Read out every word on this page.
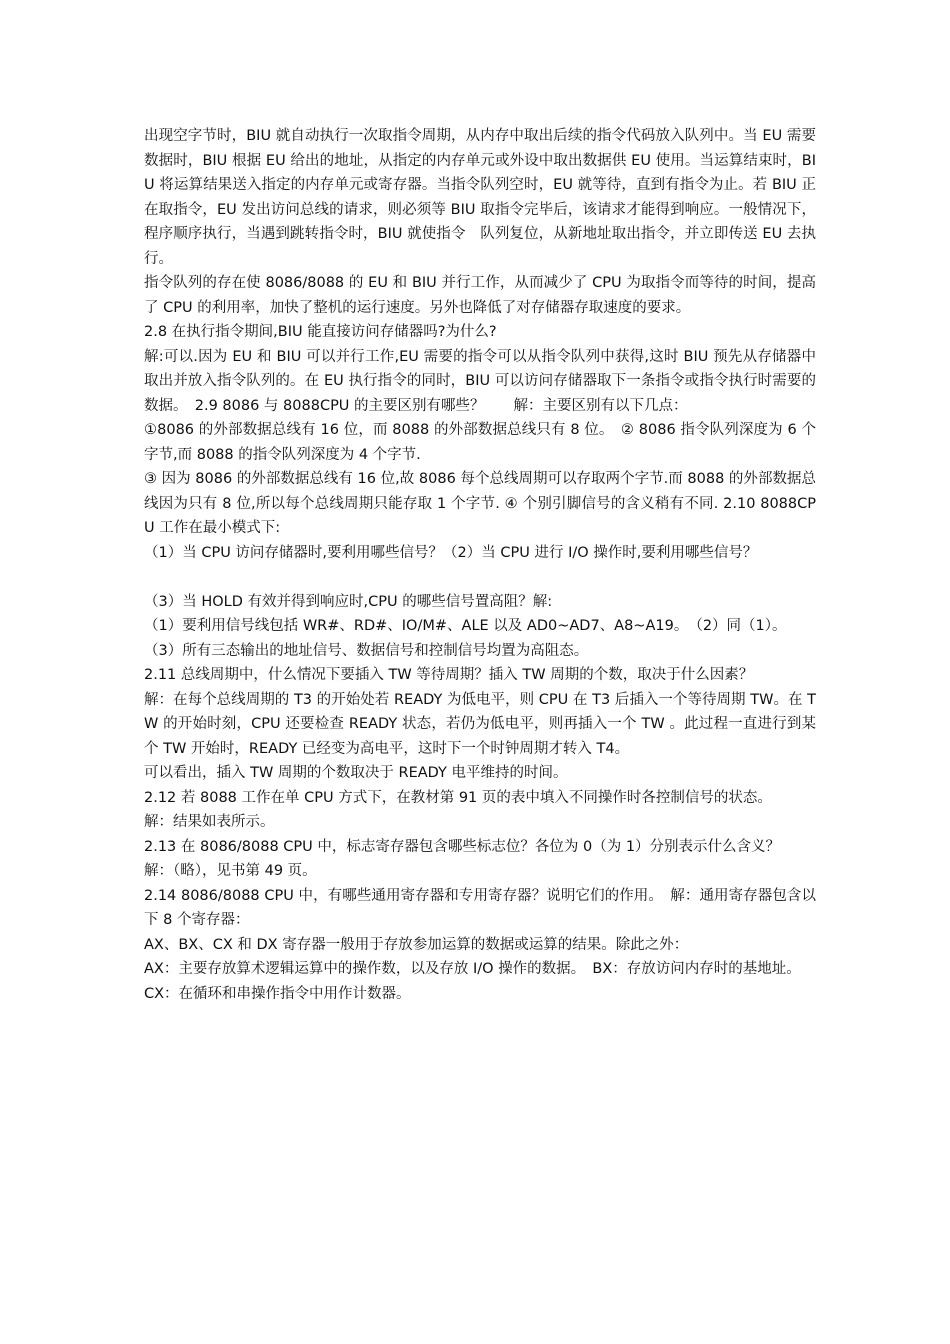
出现空字节时，BIU 就自动执行一次取指令周期，从内存中取出后续的指令代码放入队列中。当 EU 需要数据时，BIU 根据 EU 给出的地址，从指定的内存单元或外设中取出数据供 EU 使用。当运算结束时，BIU 将运算结果送入指定的内存单元或寄存器。当指令队列空时，EU 就等待，直到有指令为止。若 BIU 正在取指令，EU 发出访问总线的请求，则必须等 BIU 取指令完毕后，该请求才能得到响应。一般情况下，程序顺序执行，当遇到跳转指令时，BIU 就使指令　队列复位，从新地址取出指令，并立即传送 EU 去执行。

指令队列的存在使 8086/8088 的 EU 和 BIU 并行工作，从而减少了 CPU 为取指令而等待的时间，提高了 CPU 的利用率，加快了整机的运行速度。另外也降低了对存储器存取速度的要求。

2.8 在执行指令期间,BIU 能直接访问存储器吗?为什么?

解:可以.因为 EU 和 BIU 可以并行工作,EU 需要的指令可以从指令队列中获得,这时 BIU 预先从存储器中取出并放入指令队列的。在 EU 执行指令的同时，BIU 可以访问存储器取下一条指令或指令执行时需要的数据。　2.9 8086 与 8088CPU 的主要区别有哪些？　　解：主要区别有以下几点：

①8086 的外部数据总线有 16 位，而 8088 的外部数据总线只有 8 位。　② 8086 指令队列深度为 6 个字节,而 8088 的指令队列深度为 4 个字节.

③ 因为 8086 的外部数据总线有 16 位,故 8086 每个总线周期可以存取两个字节.而 8088 的外部数据总线因为只有 8 位,所以每个总线周期只能存取 1 个字节. ④ 个别引脚信号的含义稍有不同. 2.10 8088CPU 工作在最小模式下:

（1）当 CPU 访问存储器时,要利用哪些信号？（2）当 CPU 进行 I/O 操作时,要利用哪些信号？

（3）当 HOLD 有效并得到响应时,CPU 的哪些信号置高阻？解:

（1）要利用信号线包括 WR#、RD#、IO/M#、ALE 以及 AD0~AD7、A8~A19。　（2）同（1）。

（3）所有三态输出的地址信号、数据信号和控制信号均置为高阻态。

2.11 总线周期中，什么情况下要插入 TW 等待周期？插入 TW 周期的个数，取决于什么因素？

解：在每个总线周期的 T3 的开始处若 READY 为低电平，则 CPU 在 T3 后插入一个等待周期 TW。在 TW 的开始时刻，CPU 还要检查 READY 状态，若仍为低电平，则再插入一个 TW 。此过程一直进行到某个 TW 开始时，READY 已经变为高电平，这时下一个时钟周期才转入 T4。

可以看出，插入 TW 周期的个数取决于 READY 电平维持的时间。

2.12 若 8088 工作在单 CPU 方式下，在教材第 91 页的表中填入不同操作时各控制信号的状态。

解：结果如表所示。

2.13 在 8086/8088 CPU 中，标志寄存器包含哪些标志位？各位为 0（为 1）分别表示什么含义？

解：（略），见书第 49 页。

2.14 8086/8088 CPU 中，有哪些通用寄存器和专用寄存器？说明它们的作用。　解：通用寄存器包含以下 8 个寄存器：

AX、BX、CX 和 DX 寄存器一般用于存放参加运算的数据或运算的结果。除此之外：

AX：主要存放算术逻辑运算中的操作数，以及存放 I/O 操作的数据。　BX：存放访问内存时的基地址。

CX：在循环和串操作指令中用作计数器。
